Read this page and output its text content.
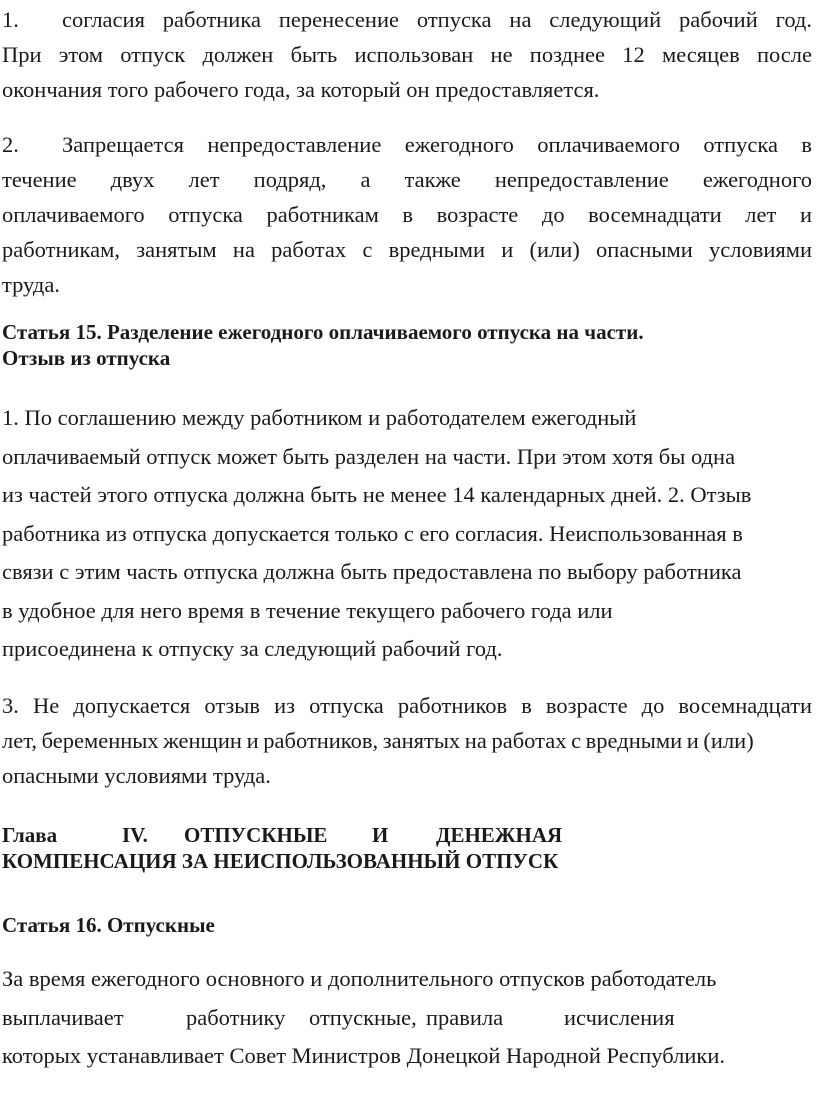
1. согласия работника перенесение отпуска на следующий рабочий год.
При этом отпуск должен быть использован не позднее 12 месяцев после
окончания того рабочего года, за который он предоставляется.
2. Запрещается непредоставление ежегодного оплачиваемого отпуска в
течение двух лет подряд, а также непредоставление ежегодного
оплачиваемого отпуска работникам в возрасте до восемнадцати лет и
работникам, занятым на работах с вредными и (или) опасными условиями
труда.
Статья 15. Разделение ежегодного оплачиваемого отпуска на части.
Отзыв из отпуска
1. По соглашению между работником и работодателем ежегодный
оплачиваемый отпуск может быть разделен на части. При этом хотя бы одна
из частей этого отпуска должна быть не менее 14 календарных дней. 2. Отзыв
работника из отпуска допускается только с его согласия. Неиспользованная в
связи с этим часть отпуска должна быть предоставлена по выбору работника
в удобное для него время в течение текущего рабочего года или
присоединена к отпуску за следующий рабочий год.
3. Не допускается отзыв из отпуска работников в возрасте до восемнадцати
лет, беременных женщин и работников, занятых на работах с вредными и (или)
опасными условиями труда.
Глава	IV.	ОТПУСКНЫЕ	И	ДЕНЕЖНАЯ
КОМПЕНСАЦИЯ ЗА НЕИСПОЛЬЗОВАННЫЙ ОТПУСК
Статья 16. Отпускные
За время ежегодного основного и дополнительного отпусков работодатель
выплачивает	работнику	отпускные, правила	исчисления
которых устанавливает Совет Министров Донецкой Народной Республики.
